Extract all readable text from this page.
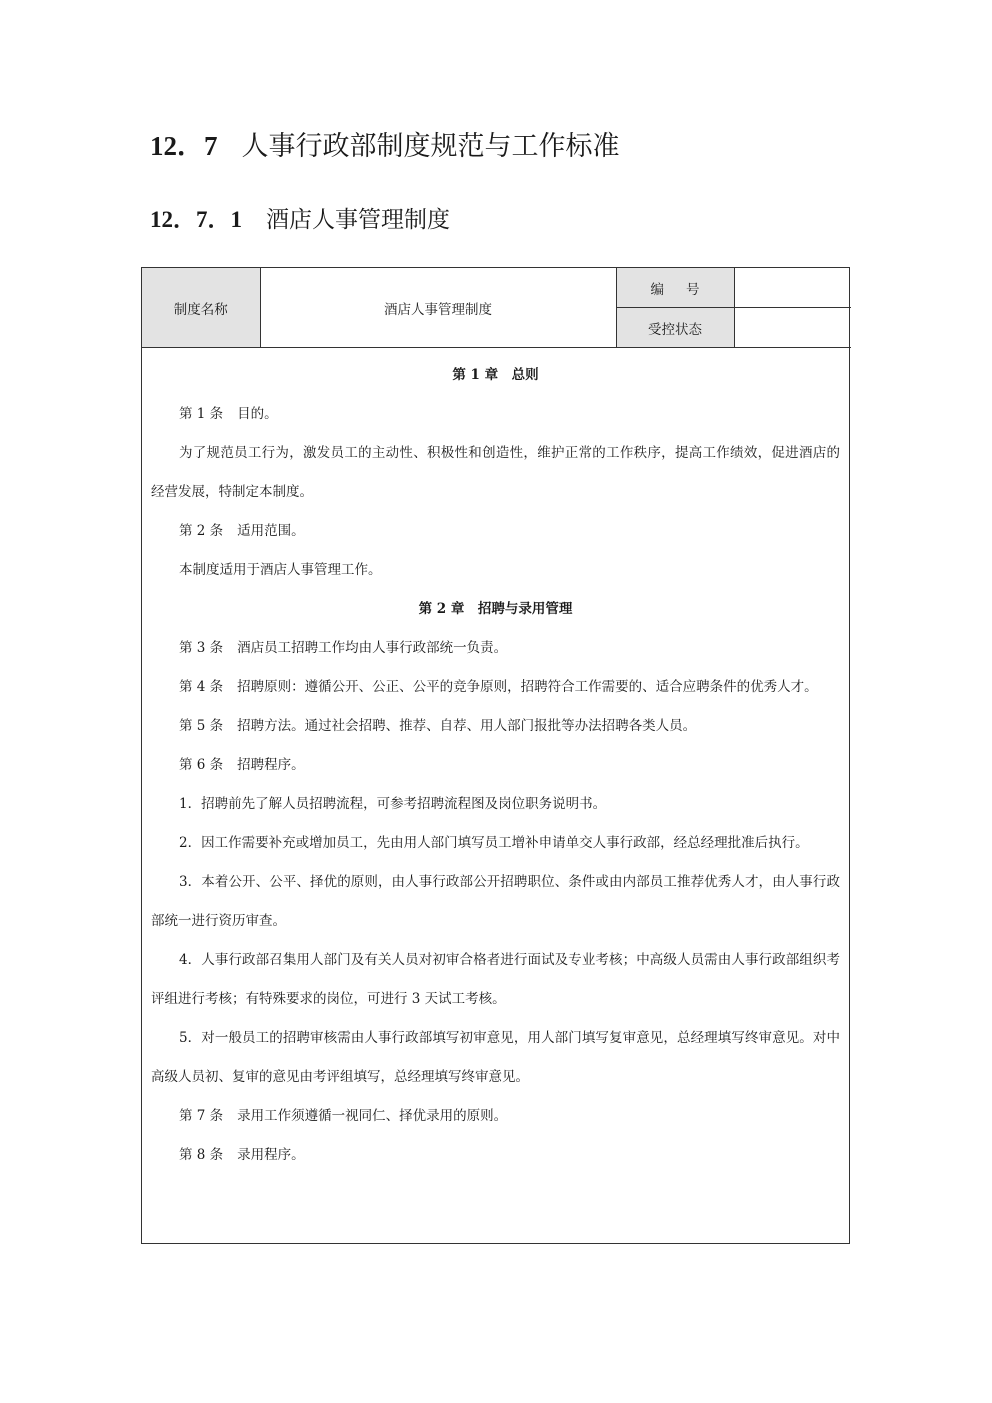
12．7 人事行政部制度规范与工作标准
12．7．1 酒店人事管理制度
制度名称	酒店人事管理制度	编号	
		受控状态	

第 1 章　总则

第 1 条 目的。

为了规范员工行为，激发员工的主动性、积极性和创造性，维护正常的工作秩序，提高工作绩效，促进酒店的经营发展，特制定本制度。

第 2 条 适用范围。

本制度适用于酒店人事管理工作。

第 2 章　招聘与录用管理

第 3 条 酒店员工招聘工作均由人事行政部统一负责。

第 4 条 招聘原则：遵循公开、公正、公平的竞争原则，招聘符合工作需要的、适合应聘条件的优秀人才。

第 5 条 招聘方法。通过社会招聘、推荐、自荐、用人部门报批等办法招聘各类人员。

第 6 条 招聘程序。

1．招聘前先了解人员招聘流程，可参考招聘流程图及岗位职务说明书。

2．因工作需要补充或增加员工，先由用人部门填写员工增补申请单交人事行政部，经总经理批准后执行。

3．本着公开、公平、择优的原则，由人事行政部公开招聘职位、条件或由内部员工推荐优秀人才，由人事行政部统一进行资历审查。

4．人事行政部召集用人部门及有关人员对初审合格者进行面试及专业考核；中高级人员需由人事行政部组织考评组进行考核；有特殊要求的岗位，可进行 3 天试工考核。

5．对一般员工的招聘审核需由人事行政部填写初审意见，用人部门填写复审意见，总经理填写终审意见。对中高级人员初、复审的意见由考评组填写，总经理填写终审意见。

第 7 条 录用工作须遵循一视同仁、择优录用的原则。

第 8 条 录用程序。
